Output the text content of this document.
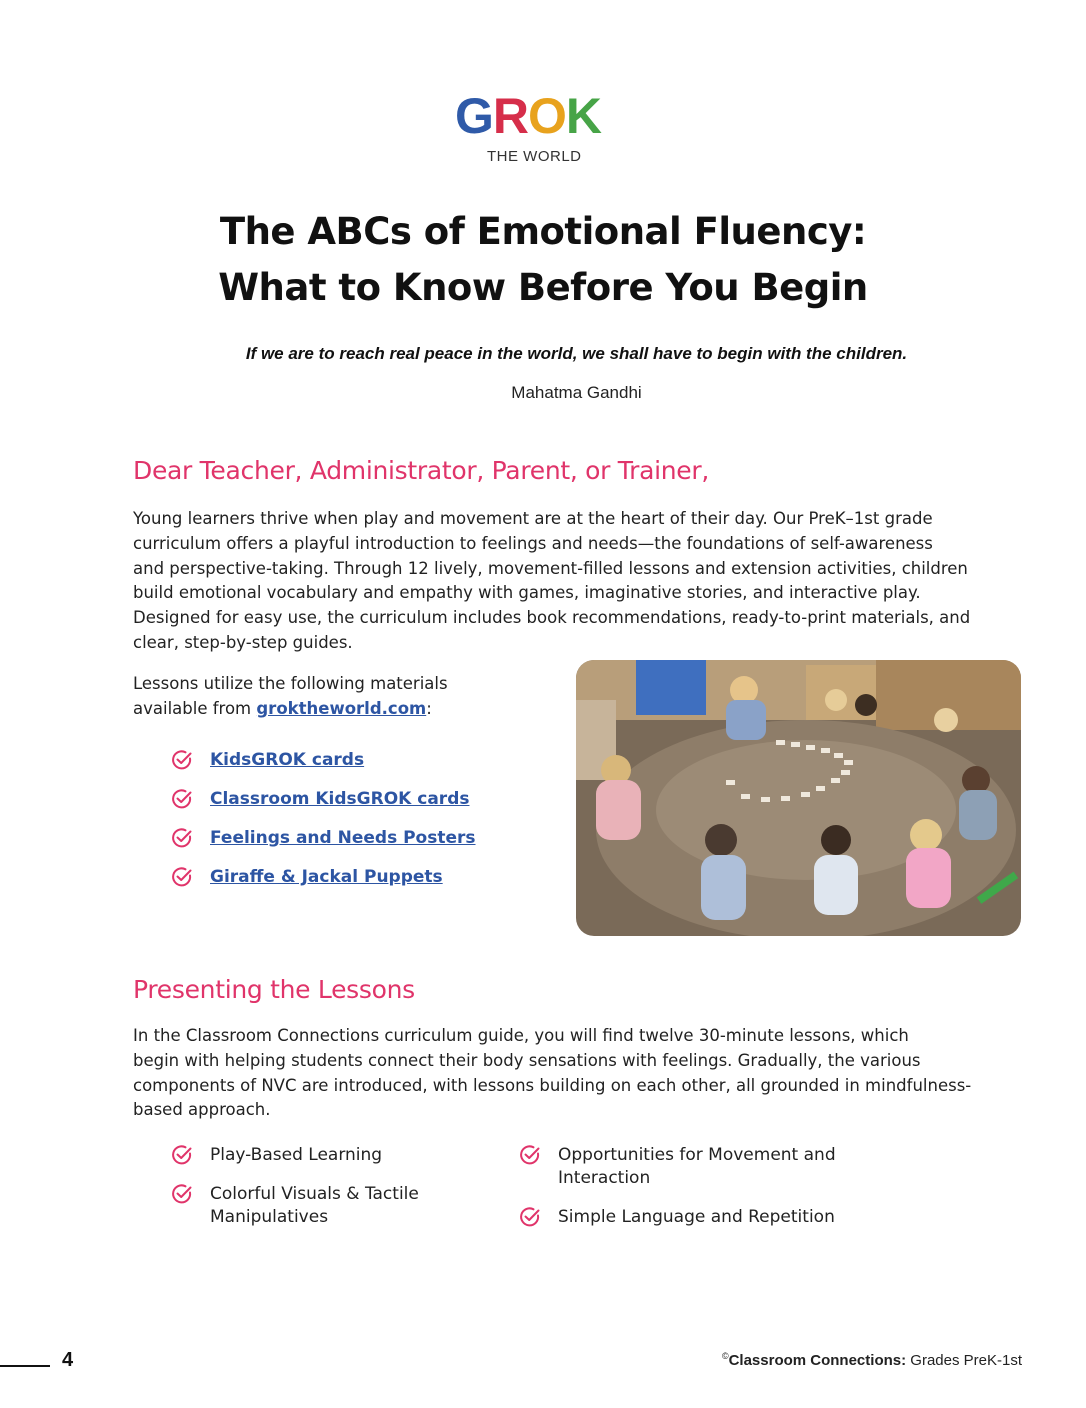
GROK
THE WORLD
The ABCs of Emotional Fluency:
What to Know Before You Begin
If we are to reach real peace in the world, we shall have to begin with the children.
Mahatma Gandhi
Dear Teacher, Administrator, Parent, or Trainer,

Young learners thrive when play and movement are at the heart of their day. Our PreK–1st grade

curriculum offers a playful introduction to feelings and needs—the foundations of self-awareness

and perspective-taking. Through 12 lively, movement-filled lessons and extension activities, children

build emotional vocabulary and empathy with games, imaginative stories, and interactive play.

Designed for easy use, the curriculum includes book recommendations, ready-to-print materials, and

clear, step-by-step guides.

Lessons utilize the following materials

available from groktheworld.com:

KidsGROK cards
Classroom KidsGROK cards
Feelings and Needs Posters
Giraffe & Jackal Puppets
Presenting the Lessons

In the Classroom Connections curriculum guide, you will find twelve 30-minute lessons, which

begin with helping students connect their body sensations with feelings. Gradually, the various

components of NVC are introduced, with lessons building on each other, all grounded in mindfulness-

based approach.

Play-Based Learning
Colorful Visuals & Tactile
Manipulatives
Opportunities for Movement and
Interaction
Simple Language and Repetition
4	©Classroom Connections: Grades PreK-1st
